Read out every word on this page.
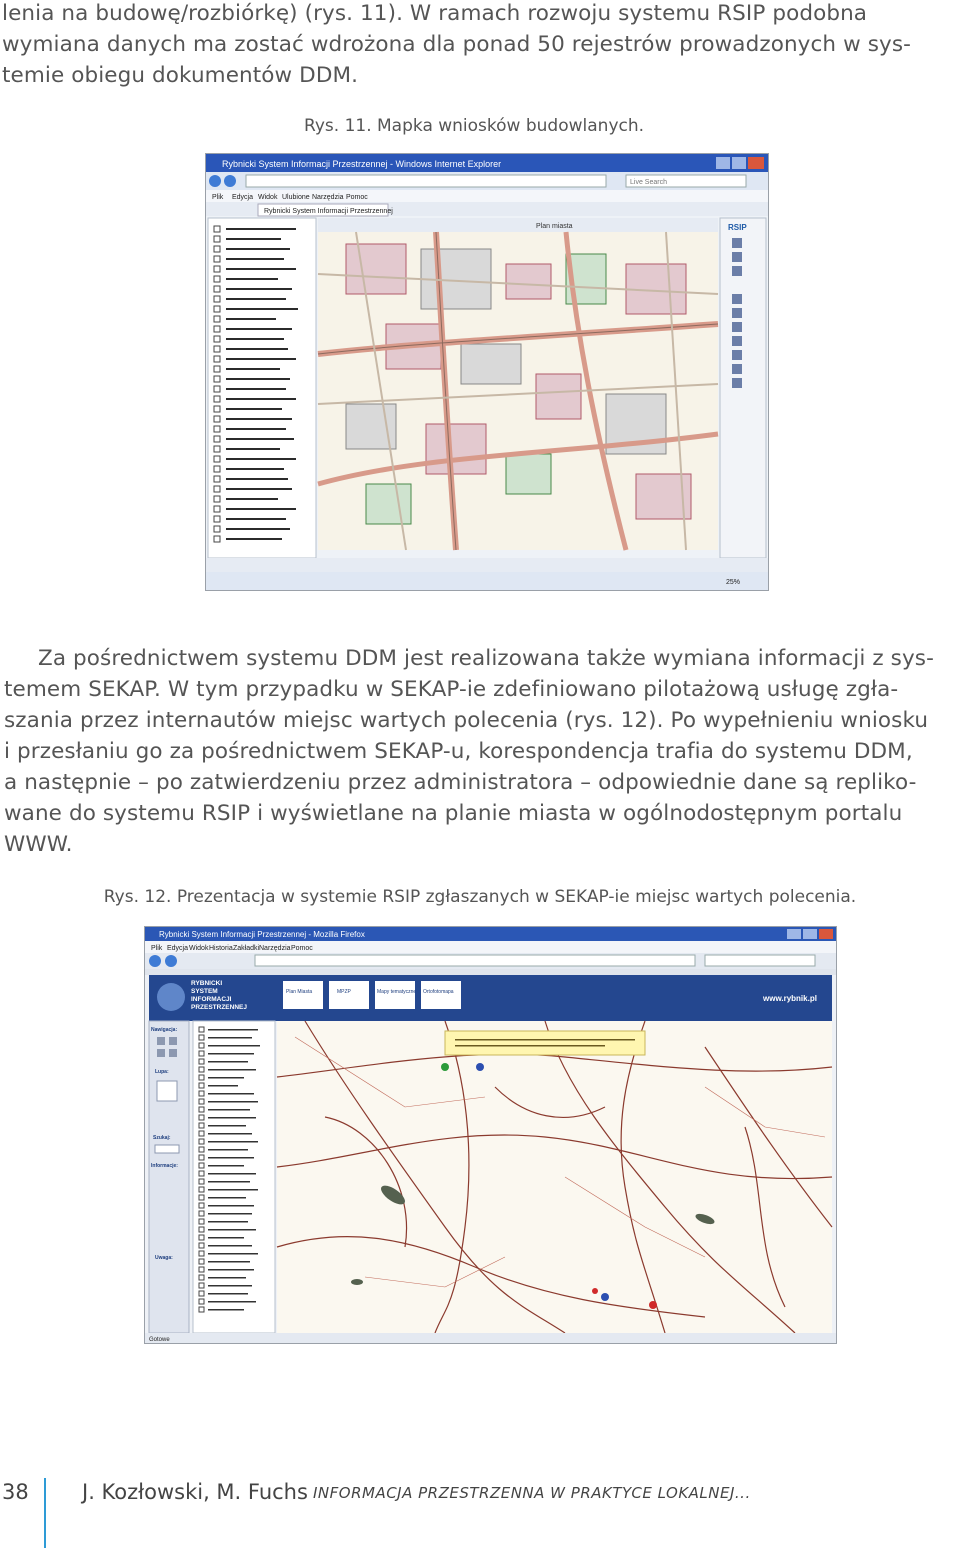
lenia na budowę/rozbiórkę) (rys. 11). W ramach rozwoju systemu RSIP podobna
wymiana danych ma zostać wdrożona dla ponad 50 rejestrów prowadzonych w sys-
temie obiegu dokumentów DDM.
Rys. 11. Mapka wniosków budowlanych.
Rybnicki System Informacji Przestrzennej - Windows Internet Explorer
Live Search
Plik Edycja Widok Ulubione Narzędzia Pomoc
Rybnicki System Informacji Przestrzennej
Plan miasta	RSIP
25%
Za pośrednictwem systemu DDM jest realizowana także wymiana informacji z sys-
temem SEKAP. W tym przypadku w SEKAP-ie zdefiniowano pilotażową usługę zgła-
szania przez internautów miejsc wartych polecenia (rys. 12). Po wypełnieniu wniosku
i przesłaniu go za pośrednictwem SEKAP-u, korespondencja trafia do systemu DDM,
a następnie – po zatwierdzeniu przez administratora – odpowiednie dane są repliko-
wane do systemu RSIP i wyświetlane na planie miasta w ogólnodostępnym portalu
WWW.
Rys. 12. Prezentacja w systemie RSIP zgłaszanych w SEKAP-ie miejsc wartych polecenia.
Rybnicki System Informacji Przestrzennej - Mozilla Firefox
Plik Edycja Widok Historia Zakładki Narzędzia Pomoc
RYBNICKI
SYSTEM
INFORMACJI
PRZESTRZENNEJ
Plan Miasta	MPZP	Mapy tematyczne Ortofotomapa
www.rybnik.pl
Nawigacja:
Lupa:
Szukaj:
Informacje:
Uwaga:
Gotowe
38	J. Kozłowski, M. Fuchs INFORMACJA PRZESTRZENNA W PRAKTYCE LOKALNEJ...
